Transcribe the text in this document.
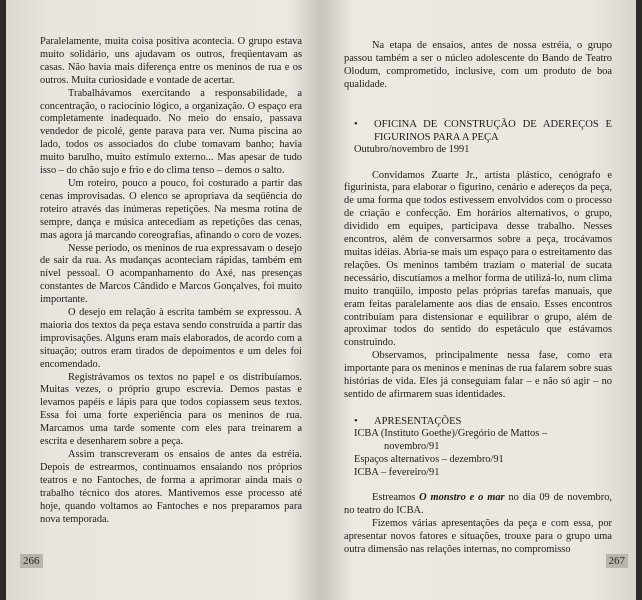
Paralelamente, muita coisa positiva acontecia. O grupo estava muito solidário, uns ajudavam os outros, freqüentavam as casas. Não havia mais diferença entre os meninos de rua e os outros. Muita curiosidade e vontade de acertar.

Trabalhávamos exercitando a responsabilidade, a concentração, o raciocínio lógico, a organização. O espaço era completamente inadequado. No meio do ensaio, passava vendedor de picolé, gente parava para ver. Numa piscina ao lado, todos os associados do clube tomavam banho; havia muito barulho, muito estímulo externo... Mas apesar de tudo isso – do chão sujo e frio e do clima tenso – demos o salto.

Um roteiro, pouco a pouco, foi costurado a partir das cenas improvisadas. O elenco se apropriava da seqüência do roteiro através das inúmeras repetições. Na mesma rotina de sempre, dança e música antecediam as repetições das cenas, mas agora já marcando coreografias, afinando o coro de vozes.

Nesse período, os meninos de rua expressavam o desejo de sair da rua. As mudanças aconteciam rápidas, também em nível pessoal. O acompanhamento do Axé, nas presenças constantes de Marcos Cândido e Marcos Gonçalves, foi muito importante.

O desejo em relação à escrita também se expressou. A maioria dos textos da peça estava sendo construída a partir das improvisações. Alguns eram mais elaborados, de acordo com a situação; outros eram tirados de depoimentos e um deles foi encomendado.

Registrávamos os textos no papel e os distribuíamos. Muitas vezes, o próprio grupo escrevia. Demos pastas e levamos papéis e lápis para que todos copiassem seus textos. Essa foi uma forte experiência para os meninos de rua. Marcamos uma tarde somente com eles para treinarem a escrita e desenharem sobre a peça.

Assim transcreveram os ensaios de antes da estréia. Depois de estrearmos, continuamos ensaiando nos próprios teatros e no Fantoches, de forma a aprimorar ainda mais o trabalho técnico dos atores. Mantivemos esse processo até hoje, quando voltamos ao Fantoches e nos preparamos para nova temporada.

266

Na etapa de ensaios, antes de nossa estréia, o grupo passou também a ser o núcleo adolescente do Bando de Teatro Olodum, comprometido, inclusive, com um produto de boa qualidade.

•	OFICINA DE CONSTRUÇÃO DE ADEREÇOS E FIGURINOS PARA A PEÇA

Outubro/novembro de 1991

Convidamos Zuarte Jr., artista plástico, cenógrafo e figurinista, para elaborar o figurino, cenário e adereços da peça, de uma forma que todos estivessem envolvidos com o processo de criação e confecção. Em horários alternativos, o grupo, dividido em equipes, participava desse trabalho. Nesses encontros, além de conversarmos sobre a peça, trocávamos muitas idéias. Abria-se mais um espaço para o estreitamento das relações. Os meninos também traziam o material de sucata necessário, discutíamos a melhor forma de utilizá-lo, num clima muito tranqüilo, imposto pelas próprias tarefas manuais, que eram feitas paralelamente aos dias de ensaio. Esses encontros contribuíam para distensionar e equilibrar o grupo, além de aproximar todos do sentido do espetáculo que estávamos construindo.

Observamos, principalmente nessa fase, como era importante para os meninos e meninas de rua falarem sobre suas histórias de vida. Eles já conseguiam falar – e não só agir – no sentido de afirmarem suas identidades.

•	APRESENTAÇÕES
ICBA (Instituto Goethe)/Gregório de Mattos –
novembro/91
Espaços alternativos – dezembro/91
ICBA – fevereiro/91

Estreamos O monstro e o mar no dia 09 de novembro, no teatro do ICBA.

Fizemos várias apresentações da peça e com essa, por apresentar novos fatores e situações, trouxe para o grupo uma outra dimensão nas relações internas, no compromisso

267
